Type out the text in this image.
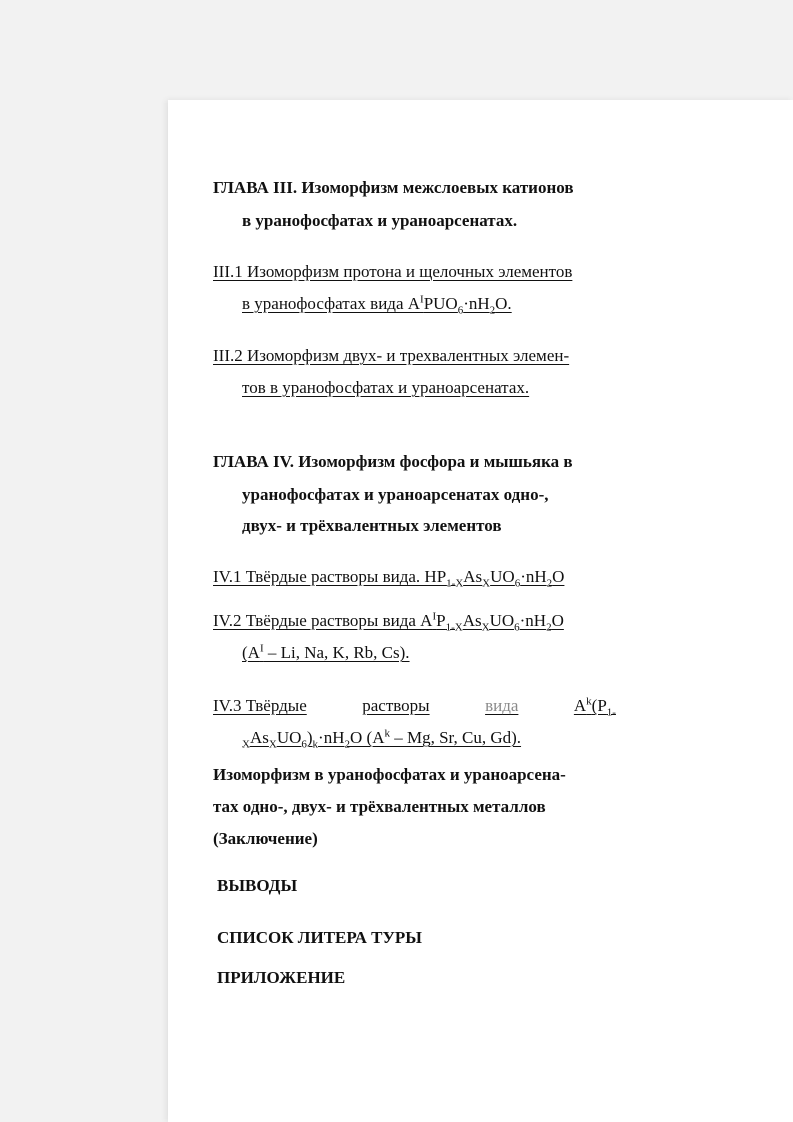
ГЛАВА III. Изоморфизм межслоевых катионов
в уранофосфатах и ураноарсенатах.
III.1 Изоморфизм протона и щелочных элементов
в уранофосфатах вида $A^IPUO_6\cdot nH_2O$.
III.2 Изоморфизм двух- и трехвалентных элемен-
тов в уранофосфатах и ураноарсенатах.
ГЛАВА IV. Изоморфизм фосфора и мышьяка в
уранофосфатах и ураноарсенатах одно-,
двух- и трёхвалентных элементов
IV.1 Твёрдые растворы вида. $HP_{1-X}As_XUO_6\cdot nH_2O$
IV.2 Твёрдые растворы вида $A^IP_{1-X}As_XUO_6\cdot nH_2O$
($A^I$ – Li, Na, K, Rb, Cs).
IV.3 Твёрдые	растворы	вида	$A^k(P_{1-}$
$_XAs_XUO_6)_k\cdot nH_2O$ ($A^k$ – Mg, Sr, Cu, Gd).
Изоморфизм в уранофосфатах и ураноарсена-
тах одно-, двух- и трёхвалентных металлов
(Заключение)
ВЫВОДЫ
СПИСОК ЛИТЕРА ТУРЫ
ПРИЛОЖЕНИЕ
